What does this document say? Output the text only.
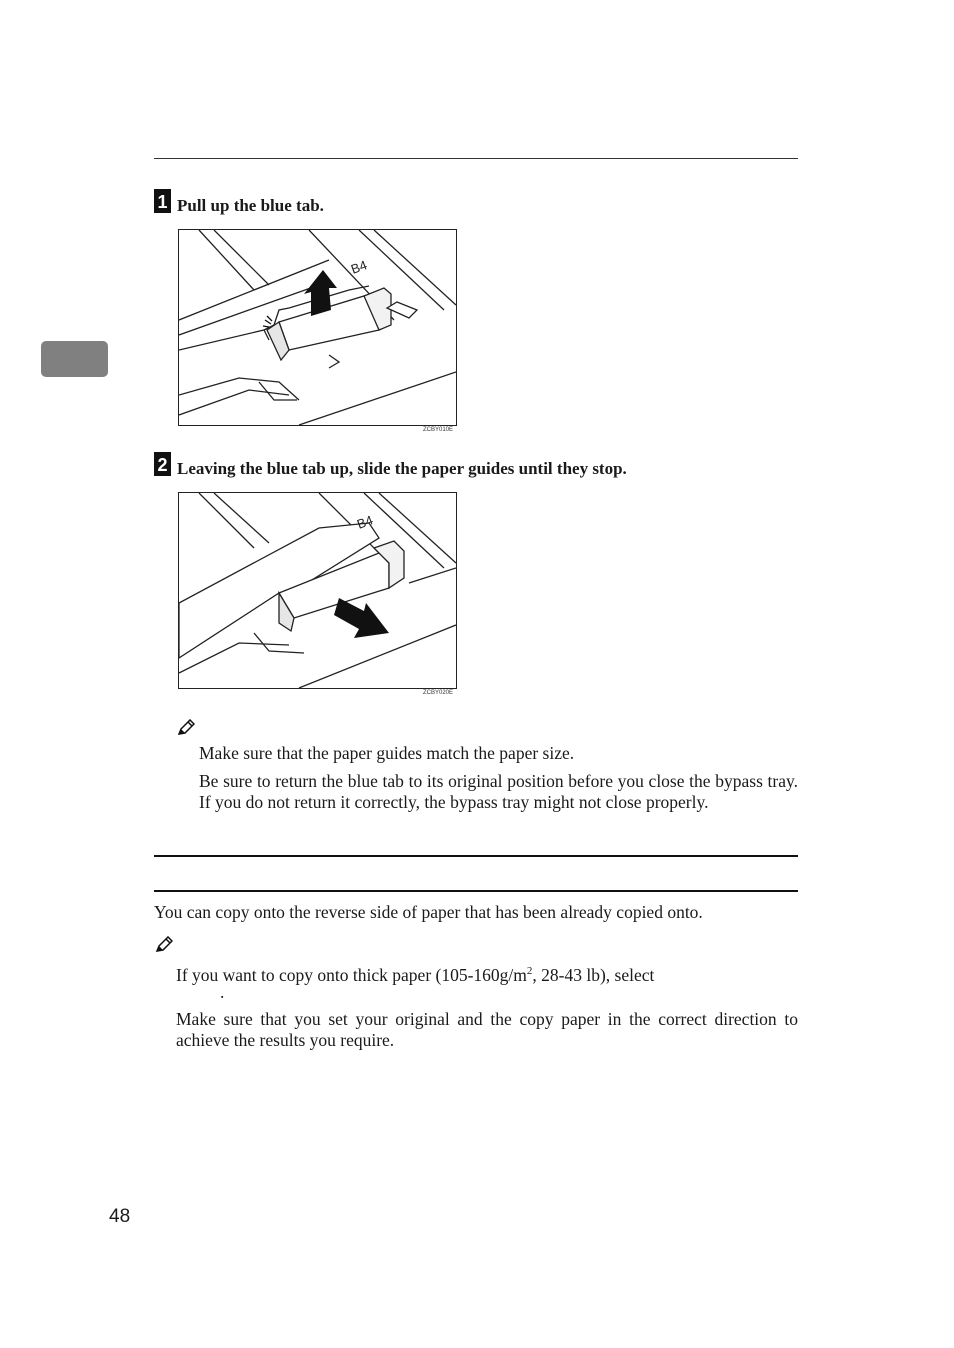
1 Pull up the blue tab.
B4
ZCBY010E
2 Leaving the blue tab up, slide the paper guides until they stop.
B4
ZCBY020E
Make sure that the paper guides match the paper size.
Be sure to return the blue tab to its original position before you close the bypass tray. If you do not return it correctly, the bypass tray might not close properly.
You can copy onto the reverse side of paper that has been already copied onto.
If you want to copy onto thick paper ($105-160g/m^2$, 28-43 lb), select
.
Make sure that you set your original and the copy paper in the correct direction to achieve the results you require.
48
